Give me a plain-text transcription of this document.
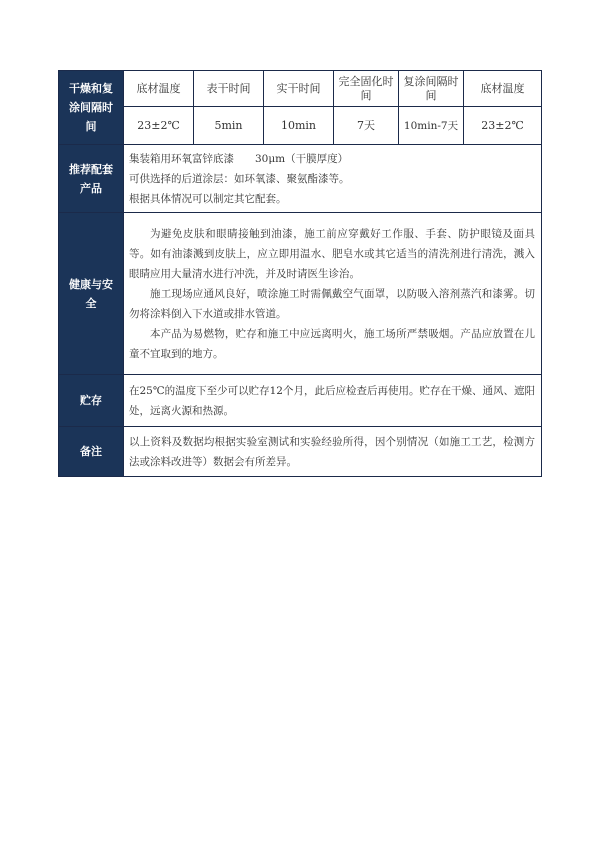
干燥和复涂间隔时间	底材温度	表干时间	实干时间	完全固化时间	复涂间隔时间	底材温度
	23±2℃	5min	10min	7天	10min-7天	23±2℃
推荐配套产品	集装箱用环氧富锌底漆　　30μm（干膜厚度）

可供选择的后道涂层：如环氧漆、聚氨酯漆等。

根据具体情况可以制定其它配套。					

健康与安全	为避免皮肤和眼睛接触到油漆，施工前应穿戴好工作服、手套、防护眼镜及面具等。如有油漆溅到皮肤上，应立即用温水、肥皂水或其它适当的清洗剂进行清洗，溅入眼睛应用大量清水进行冲洗，并及时请医生诊治。

施工现场应通风良好，喷涂施工时需佩戴空气面罩，以防吸入溶剂蒸汽和漆雾。切勿将涂料倒入下水道或排水管道。

本产品为易燃物，贮存和施工中应远离明火，施工场所严禁吸烟。产品应放置在儿童不宜取到的地方。					

贮存	在25℃的温度下至少可以贮存12个月，此后应检查后再使用。贮存在干燥、通风、遮阳处，远离火源和热源。					

备注	以上资料及数据均根据实验室测试和实验经验所得，因个别情况（如施工工艺，检测方法或涂料改进等）数据会有所差异。					
